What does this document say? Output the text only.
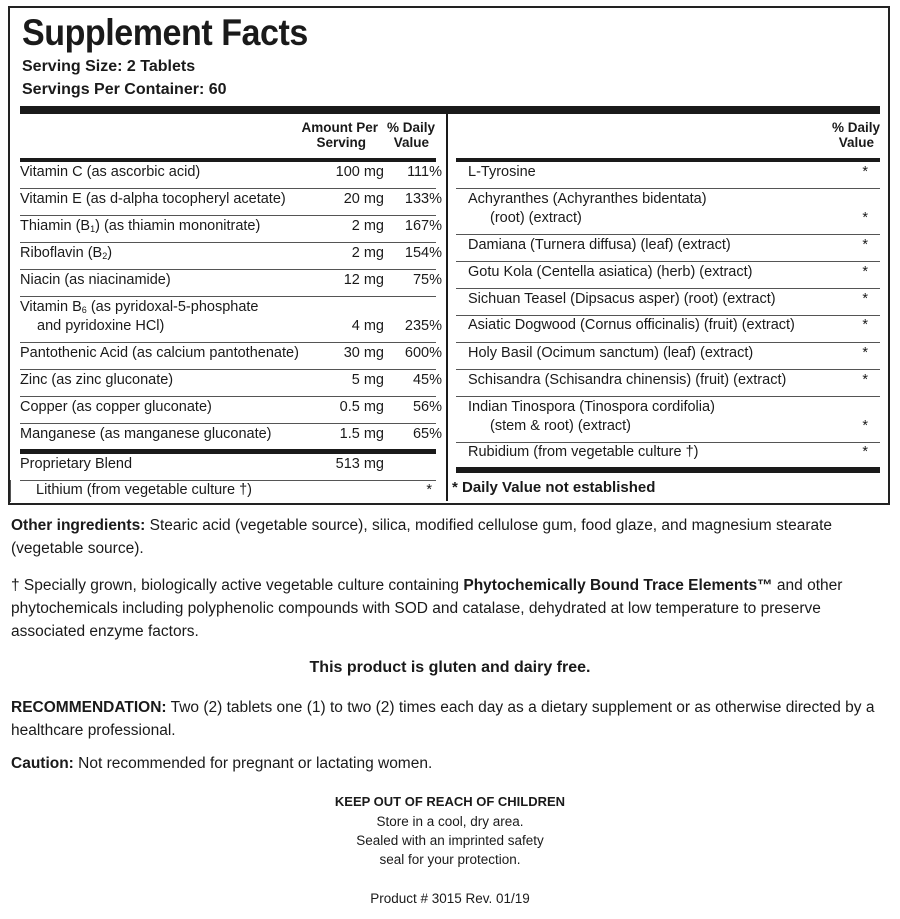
Supplement Facts
Serving Size: 2 Tablets
Servings Per Container: 60
Amount Per
Serving
% Daily
Value
% Daily
Value
Vitamin C (as ascorbic acid)	100 mg	111%
Vitamin E (as d-alpha tocopheryl acetate)	20 mg	133%
Thiamin $(B_1)$ (as thiamin mononitrate)	2 mg	167%
Riboflavin $(B_2)$	2 mg	154%
Niacin (as niacinamide)	12 mg	75%
Vitamin $B_6$ (as pyridoxal-5-phosphate
and pyridoxine HCl)	4 mg	235%
Pantothenic Acid (as calcium pantothenate)	30 mg	600%
Zinc (as zinc gluconate)	5 mg	45%
Copper (as copper gluconate)	0.5 mg	56%
Manganese (as manganese gluconate)	1.5 mg	65%
Proprietary Blend	513 mg
Lithium (from vegetable culture †)	*
L-Tyrosine	*
Achyranthes (Achyranthes bidentata)
(root) (extract)	*
Damiana (Turnera diffusa) (leaf) (extract)	*
Gotu Kola (Centella asiatica) (herb) (extract)	*
Sichuan Teasel (Dipsacus asper) (root) (extract)	*
Asiatic Dogwood (Cornus officinalis) (fruit) (extract)	*
Holy Basil (Ocimum sanctum) (leaf) (extract)	*
Schisandra (Schisandra chinensis) (fruit) (extract)	*
Indian Tinospora (Tinospora cordifolia)
(stem & root) (extract)	*
Rubidium (from vegetable culture †)	*
* Daily Value not established
Other ingredients: Stearic acid (vegetable source), silica, modified cellulose gum, food glaze, and magnesium stearate (vegetable source).
† Specially grown, biologically active vegetable culture containing Phytochemically Bound Trace Elements™ and other phytochemicals including polyphenolic compounds with SOD and catalase, dehydrated at low temperature to preserve associated enzyme factors.
This product is gluten and dairy free.
RECOMMENDATION: Two (2) tablets one (1) to two (2) times each day as a dietary supplement or as otherwise directed by a healthcare professional.
Caution: Not recommended for pregnant or lactating women.
KEEP OUT OF REACH OF CHILDREN
Store in a cool, dry area.
Sealed with an imprinted safety
seal for your protection.
Product # 3015 Rev. 01/19
